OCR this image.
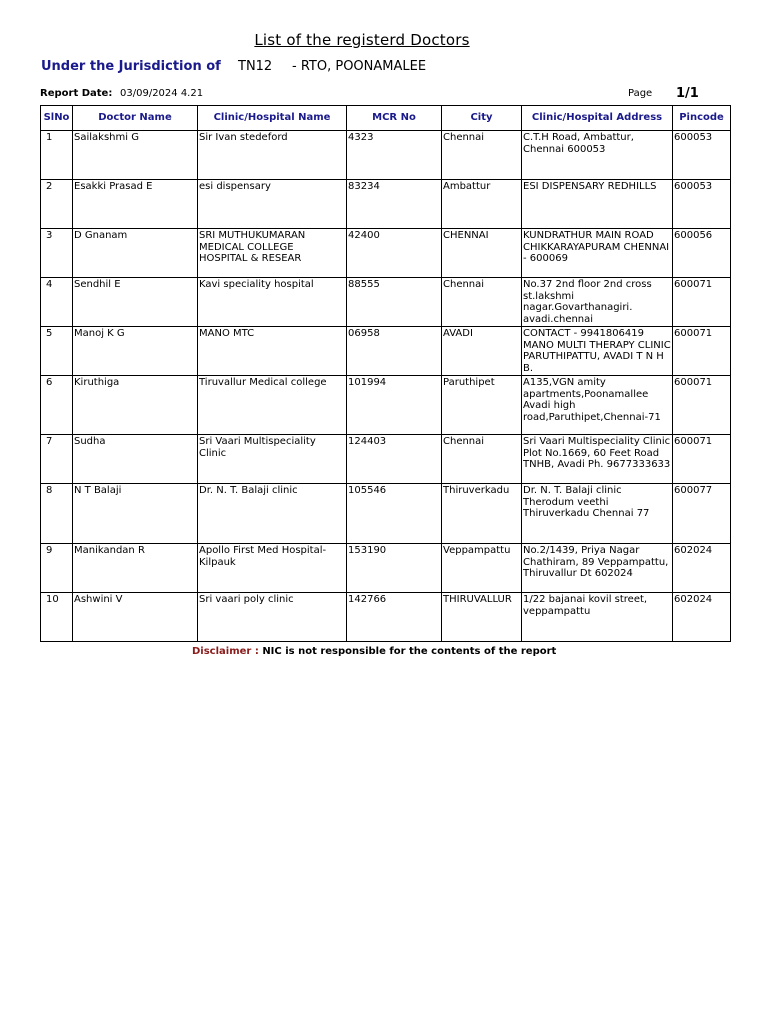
List of the registerd Doctors
Under the Jurisdiction of TN12 - RTO, POONAMALEE
Report Date: 03/09/2024 4.21	Page 1/1
SlNo	Doctor Name	Clinic/Hospital Name	MCR No	City	Clinic/Hospital Address	Pincode
1	Sailakshmi G	Sir Ivan stedeford	4323	Chennai	C.T.H Road, Ambattur, Chennai 600053	600053
2	Esakki Prasad E	esi dispensary	83234	Ambattur	ESI DISPENSARY REDHILLS	600053
3	D Gnanam	SRI MUTHUKUMARAN MEDICAL COLLEGE HOSPITAL & RESEAR	42400	CHENNAI	KUNDRATHUR MAIN ROAD CHIKKARAYAPURAM CHENNAI - 600069	600056
4	Sendhil E	Kavi speciality hospital	88555	Chennai	No.37 2nd floor 2nd cross st.lakshmi nagar.Govarthanagiri. avadi.chennai	600071
5	Manoj K G	MANO MTC	06958	AVADI	CONTACT - 9941806419 MANO MULTI THERAPY CLINIC PARUTHIPATTU, AVADI T N H B.	600071
6	Kiruthiga	Tiruvallur Medical college	101994	Paruthipet	A135,VGN amity apartments,Poonamallee Avadi high road,Paruthipet,Chennai-71	600071
7	Sudha	Sri Vaari Multispeciality Clinic	124403	Chennai	Sri Vaari Multispeciality Clinic Plot No.1669, 60 Feet Road TNHB, Avadi Ph. 9677333633	600071
8	N T Balaji	Dr. N. T. Balaji clinic	105546	Thiruverkadu	Dr. N. T. Balaji clinic Therodum veethi Thiruverkadu Chennai 77	600077
9	Manikandan R	Apollo First Med Hospital- Kilpauk	153190	Veppampattu	No.2/1439, Priya Nagar Chathiram, 89 Veppampattu, Thiruvallur Dt 602024	602024
10	Ashwini V	Sri vaari poly clinic	142766	THIRUVALLUR	1/22 bajanai kovil street, veppampattu	602024
Disclaimer : NIC is not responsible for the contents of the report
